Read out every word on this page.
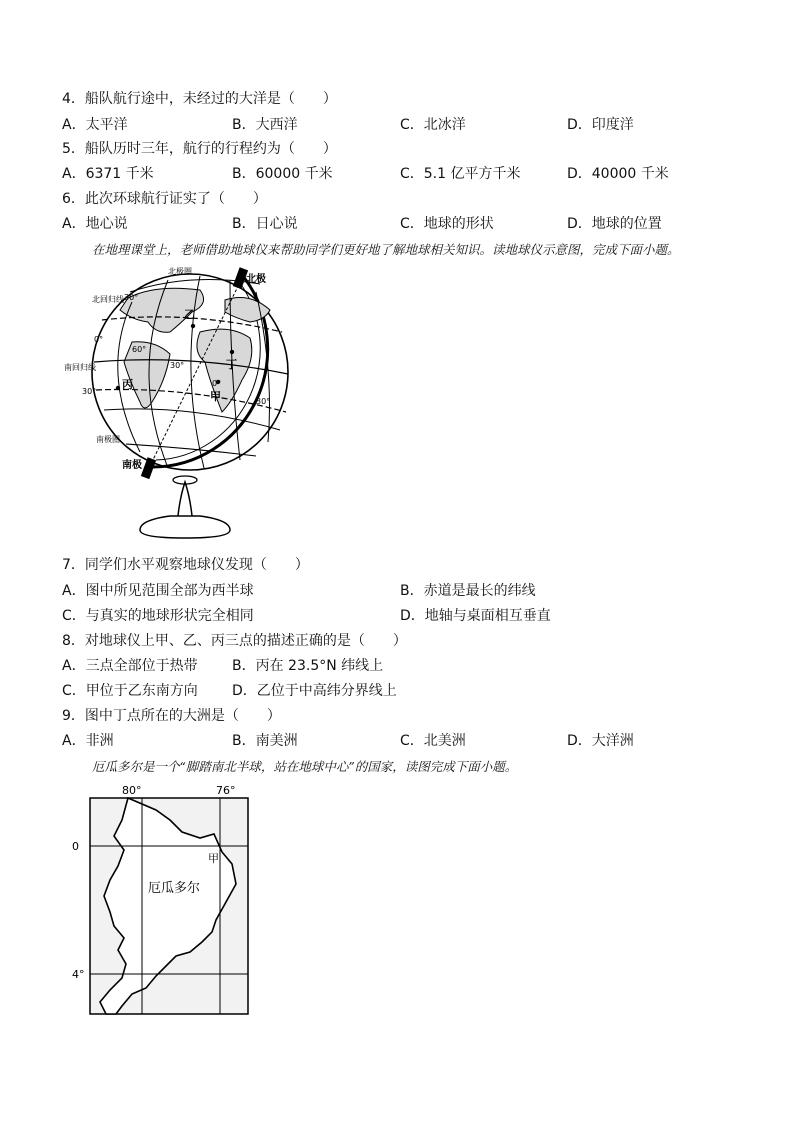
4．船队航行途中，未经过的大洋是（　　）
A．太平洋	B．大西洋	C．北冰洋	D．印度洋
5．船队历时三年，航行的行程约为（　　）
A．6371 千米	B．60000 千米	C．5.1 亿平方千米	D．40000 千米
6．此次环球航行证实了（　　）
A．地心说	B．日心说	C．地球的形状	D．地球的位置
在地理课堂上，老师借助地球仪来帮助同学们更好地了解地球相关知识。读地球仪示意图，完成下面小题。
北极
南极
北极圈
北回归线
南回归线
南极圈
30°
0°
30°
60°
30°
0°
30°
甲
乙
丙
丁
7．同学们水平观察地球仪发现（　　）
A．图中所见范围全部为西半球	B．赤道是最长的纬线
C．与真实的地球形状完全相同	D．地轴与桌面相互垂直
8．对地球仪上甲、乙、丙三点的描述正确的是（　　）
A．三点全部位于热带 B．丙在 23.5°N 纬线上
C．甲位于乙东南方向 D．乙位于中高纬分界线上
9．图中丁点所在的大洲是（　　）
A．非洲	B．南美洲	C．北美洲	D．大洋洲
厄瓜多尔是一个“脚踏南北半球，站在地球中心”的国家，读图完成下面小题。
80°	76°
0
4°
厄瓜多尔
甲
